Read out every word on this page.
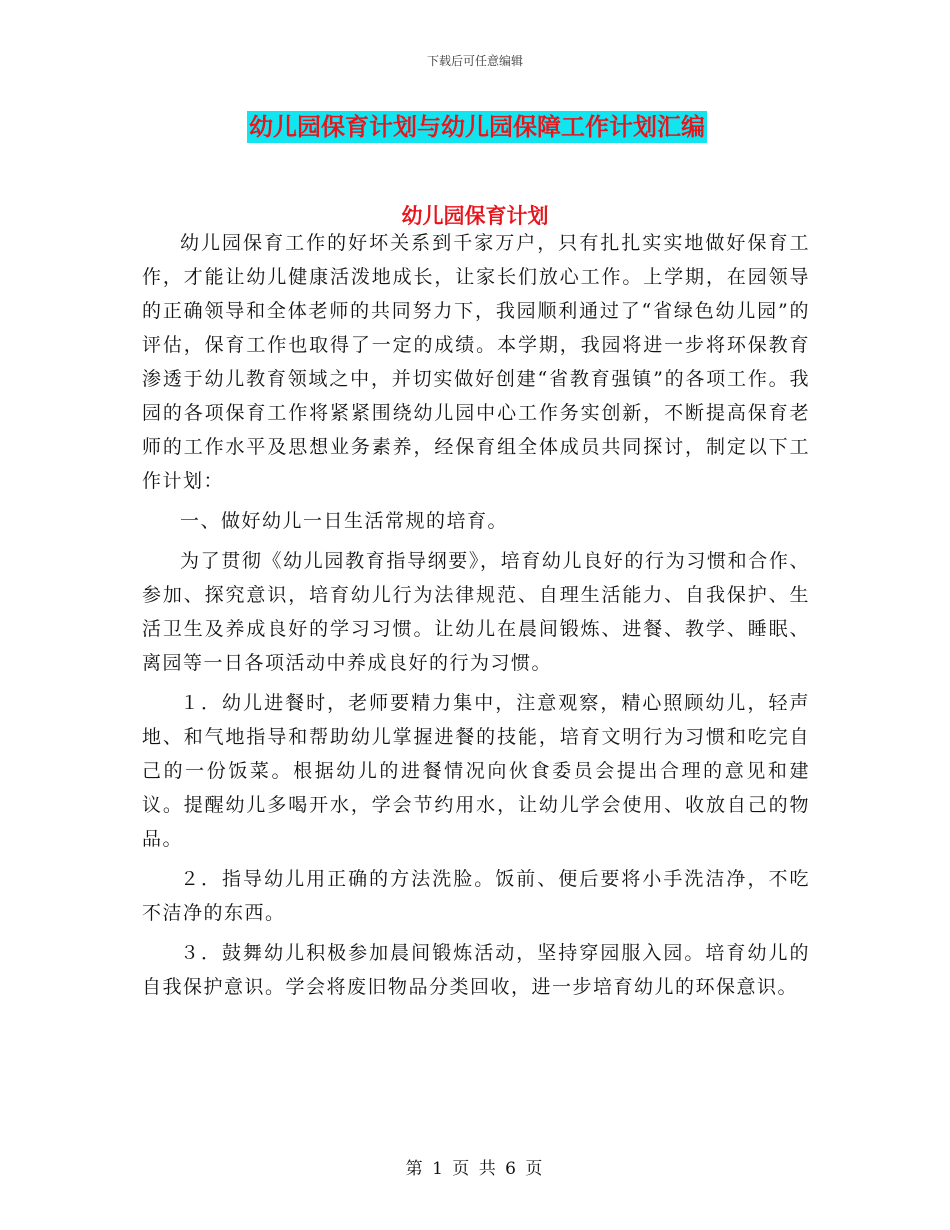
下载后可任意编辑
幼儿园保育计划与幼儿园保障工作计划汇编
幼儿园保育计划

幼儿园保育工作的好坏关系到千家万户，只有扎扎实实地做好保育工作，才能让幼儿健康活泼地成长，让家长们放心工作。上学期，在园领导的正确领导和全体老师的共同努力下，我园顺利通过了“省绿色幼儿园”的评估，保育工作也取得了一定的成绩。本学期，我园将进一步将环保教育渗透于幼儿教育领域之中，并切实做好创建“省教育强镇”的各项工作。我园的各项保育工作将紧紧围绕幼儿园中心工作务实创新，不断提高保育老师的工作水平及思想业务素养，经保育组全体成员共同探讨，制定以下工作计划：

一、做好幼儿一日生活常规的培育。

为了贯彻《幼儿园教育指导纲要》，培育幼儿良好的行为习惯和合作、参加、探究意识，培育幼儿行为法律规范、自理生活能力、自我保护、生活卫生及养成良好的学习习惯。让幼儿在晨间锻炼、进餐、教学、睡眠、离园等一日各项活动中养成良好的行为习惯。

１．幼儿进餐时，老师要精力集中，注意观察，精心照顾幼儿，轻声地、和气地指导和帮助幼儿掌握进餐的技能，培育文明行为习惯和吃完自己的一份饭菜。根据幼儿的进餐情况向伙食委员会提出合理的意见和建议。提醒幼儿多喝开水，学会节约用水，让幼儿学会使用、收放自己的物品。

２．指导幼儿用正确的方法洗脸。饭前、便后要将小手洗洁净，不吃不洁净的东西。

３．鼓舞幼儿积极参加晨间锻炼活动，坚持穿园服入园。培育幼儿的自我保护意识。学会将废旧物品分类回收，进一步培育幼儿的环保意识。

第 1 页 共 6 页
